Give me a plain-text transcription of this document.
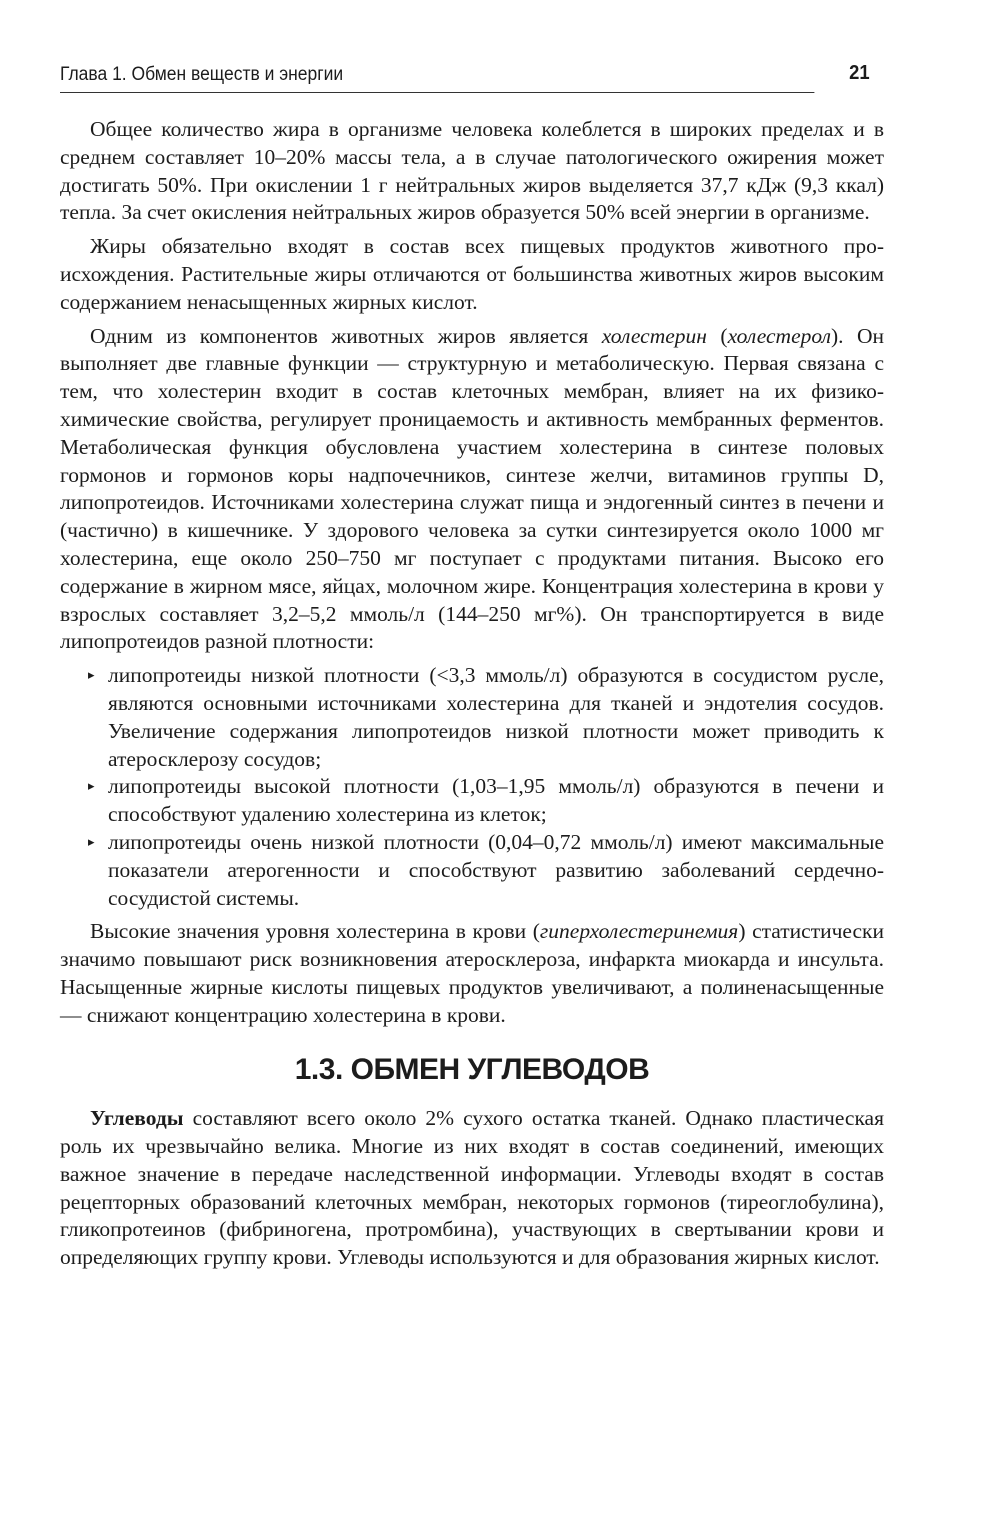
Глава 1. Обмен веществ и энергии	21

Общее количество жира в организме человека колеблется в широких пределах и в среднем составляет 10–20% массы тела, а в случае патологического ожирения может достигать 50%. При окислении 1 г нейтральных жиров выделяется 37,7 кДж (9,3 ккал) тепла. За счет окисления нейтральных жиров образуется 50% всей энергии в организме.

Жиры обязательно входят в состав всех пищевых продуктов животного происхождения. Растительные жиры отличаются от большинства животных жиров высоким содержанием ненасыщенных жирных кислот.

Одним из компонентов животных жиров является холестерин (холестерол). Он выполняет две главные функции — структурную и метаболическую. Первая связана с тем, что холестерин входит в состав клеточных мембран, влияет на их физико-химические свойства, регулирует проницаемость и активность мембранных ферментов. Метаболическая функция обусловлена участием холестерина в синтезе половых гормонов и гормонов коры надпочечников, синтезе желчи, витаминов группы D, липопротеидов. Источниками холестерина служат пища и эндогенный синтез в печени и (частично) в кишечнике. У здорового человека за сутки синтезируется около 1000 мг холестерина, еще около 250–750 мг поступает с продуктами питания. Высоко его содержание в жирном мясе, яйцах, молочном жире. Концентрация холестерина в крови у взрослых составляет 3,2–5,2 ммоль/л (144–250 мг%). Он транспортируется в виде липопротеидов разной плотности:

▸ липопротеиды низкой плотности (<3,3 ммоль/л) образуются в сосудистом русле, являются основными источниками холестерина для тканей и эндотелия сосудов. Увеличение содержания липопротеидов низкой плотности может приводить к атеросклерозу сосудов;
▸ липопротеиды высокой плотности (1,03–1,95 ммоль/л) образуются в печени и способствуют удалению холестерина из клеток;
▸ липопротеиды очень низкой плотности (0,04–0,72 ммоль/л) имеют максимальные показатели атерогенности и способствуют развитию заболеваний сердечно-сосудистой системы.

Высокие значения уровня холестерина в крови (гиперхолестеринемия) статистически значимо повышают риск возникновения атеросклероза, инфаркта миокарда и инсульта. Насыщенные жирные кислоты пищевых продуктов увеличивают, а полиненасыщенные — снижают концентрацию холестерина в крови.

1.3. ОБМЕН УГЛЕВОДОВ

Углеводы составляют всего около 2% сухого остатка тканей. Однако пластическая роль их чрезвычайно велика. Многие из них входят в состав соединений, имеющих важное значение в передаче наследственной информации. Углеводы входят в состав рецепторных образований клеточных мембран, некоторых гормонов (тиреоглобулина), гликопротеинов (фибриногена, протромбина), участвующих в свертывании крови и определяющих группу крови. Углеводы используются и для образования жирных кислот.
